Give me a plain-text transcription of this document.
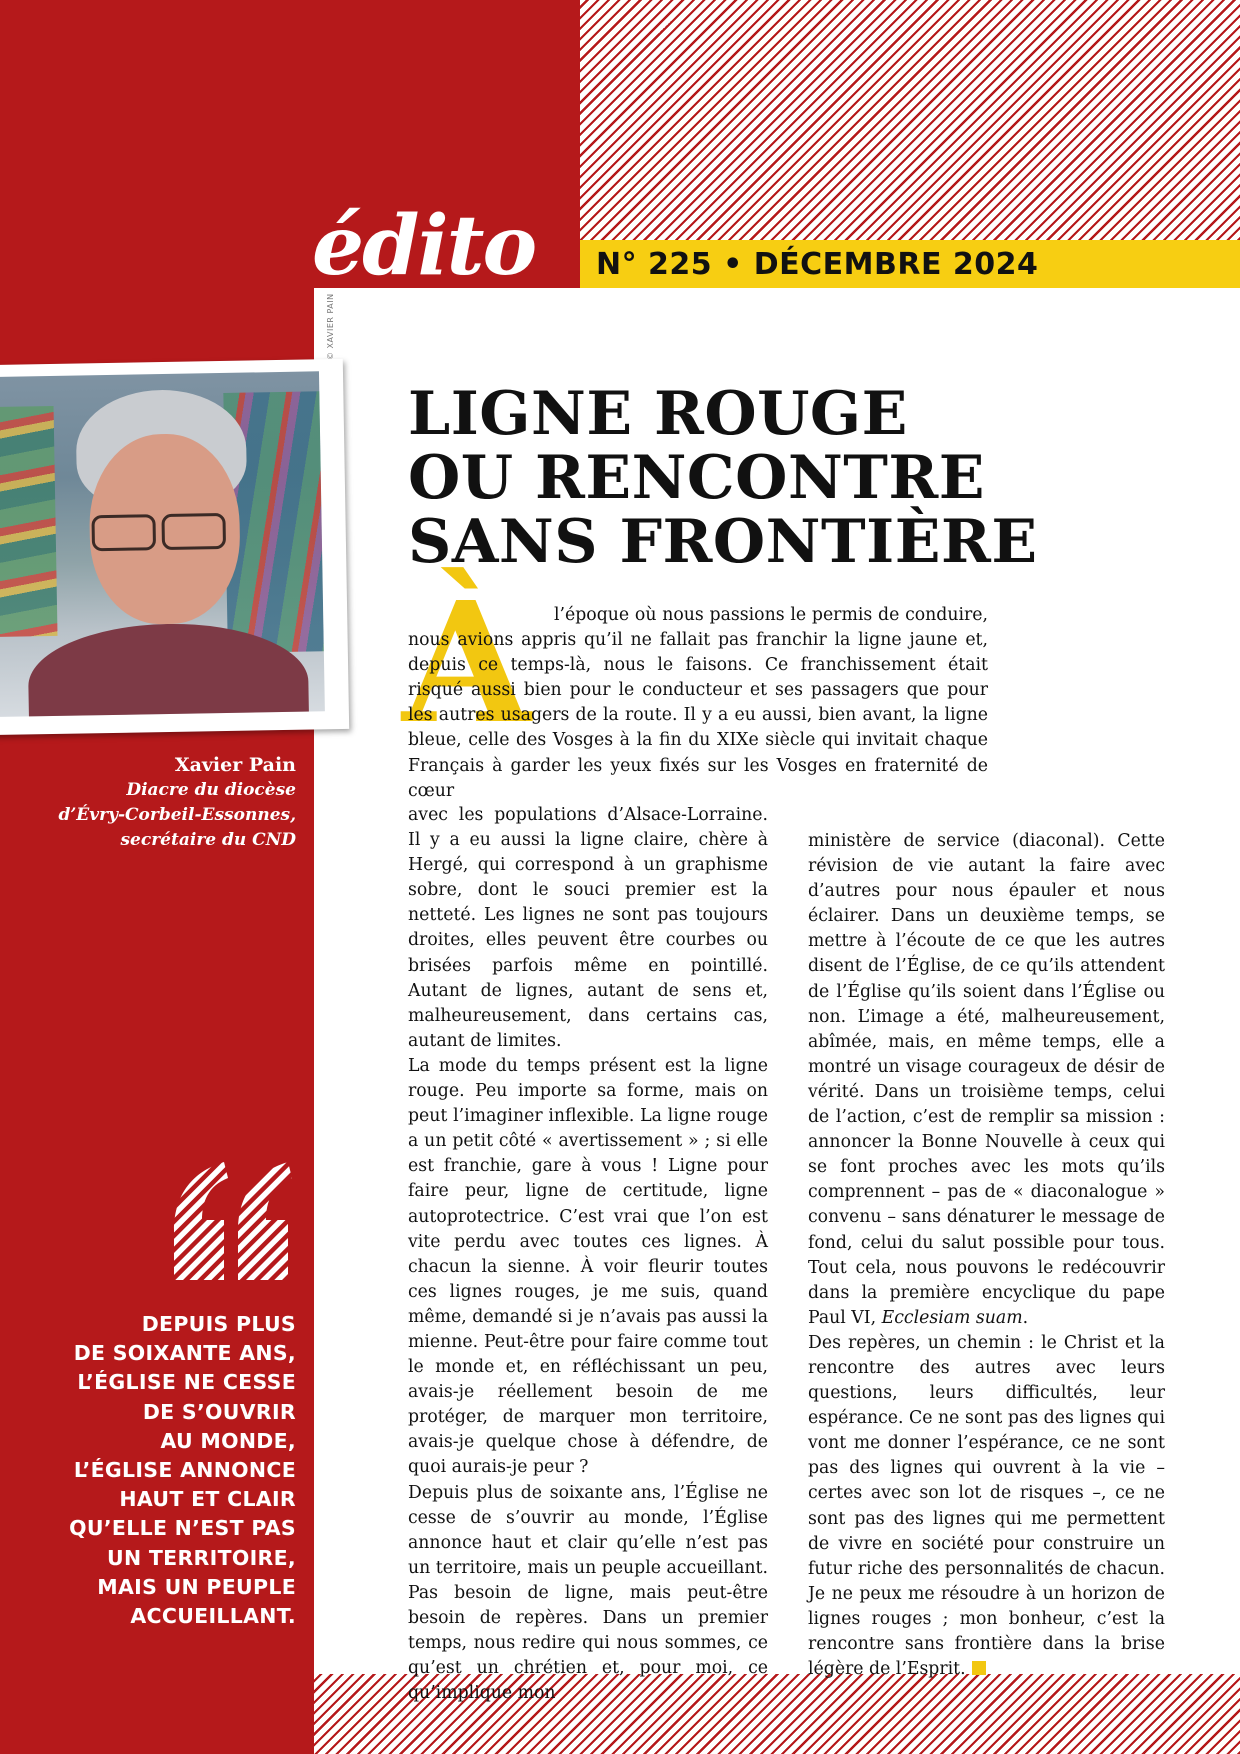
édito N° 225 • DÉCEMBRE 2024
© XAVIER PAIN
Xavier Pain
Diacre du diocèse
d’Évry-Corbeil-Essonnes,
secrétaire du CND
DEPUIS PLUS
DE SOIXANTE ANS,
L’ÉGLISE NE CESSE
DE S’OUVRIR
AU MONDE,
L’ÉGLISE ANNONCE
HAUT ET CLAIR
QU’ELLE N’EST PAS
UN TERRITOIRE,
MAIS UN PEUPLE
ACCUEILLANT.
LIGNE ROUGE
OU RENCONTRE
SANS FRONTIÈRE
À	l’époque où nous passions le permis de conduire, nous avions appris qu’il ne fallait pas franchir la ligne jaune et, depuis ce temps-là, nous le faisons. Ce franchissement était risqué aussi bien pour le conducteur et ses passagers que pour les autres usagers de la route. Il y a eu aussi, bien avant, la ligne bleue, celle des Vosges à la fin du XIXe siècle qui invitait chaque Français à garder les yeux fixés sur les Vosges en fraternité de cœur

avec les populations d’Alsace-Lorraine. Il y a eu aussi la ligne claire, chère à Hergé, qui correspond à un graphisme sobre, dont le souci premier est la netteté. Les lignes ne sont pas toujours droites, elles peuvent être courbes ou brisées parfois même en pointillé. Autant de lignes, autant de sens et, malheureusement, dans certains cas, autant de limites.

La mode du temps présent est la ligne rouge. Peu importe sa forme, mais on peut l’imaginer inflexible. La ligne rouge a un petit côté « avertissement » ; si elle est franchie, gare à vous ! Ligne pour faire peur, ligne de certitude, ligne autoprotectrice. C’est vrai que l’on est vite perdu avec toutes ces lignes. À chacun la sienne. À voir fleurir toutes ces lignes rouges, je me suis, quand même, demandé si je n’avais pas aussi la mienne. Peut-être pour faire comme tout le monde et, en réfléchissant un peu, avais-je réellement besoin de me protéger, de marquer mon territoire, avais-je quelque chose à défendre, de quoi aurais-je peur ?

Depuis plus de soixante ans, l’Église ne cesse de s’ouvrir au monde, l’Église annonce haut et clair qu’elle n’est pas un territoire, mais un peuple accueillant. Pas besoin de ligne, mais peut-être besoin de repères. Dans un premier temps, nous redire qui nous sommes, ce qu’est un chrétien et, pour moi, ce qu’implique mon

ministère de service (diaconal). Cette révision de vie autant la faire avec d’autres pour nous épauler et nous éclairer. Dans un deuxième temps, se mettre à l’écoute de ce que les autres disent de l’Église, de ce qu’ils attendent de l’Église qu’ils soient dans l’Église ou non. L’image a été, malheureusement, abîmée, mais, en même temps, elle a montré un visage courageux de désir de vérité. Dans un troisième temps, celui de l’action, c’est de remplir sa mission : annoncer la Bonne Nouvelle à ceux qui se font proches avec les mots qu’ils comprennent – pas de « diaconalogue » convenu – sans dénaturer le message de fond, celui du salut possible pour tous. Tout cela, nous pouvons le redécouvrir dans la première encyclique du pape Paul VI, Ecclesiam suam.

Des repères, un chemin : le Christ et la rencontre des autres avec leurs questions, leurs difficultés, leur espérance. Ce ne sont pas des lignes qui vont me donner l’espérance, ce ne sont pas des lignes qui ouvrent à la vie – certes avec son lot de risques –, ce ne sont pas des lignes qui me permettent de vivre en société pour construire un futur riche des personnalités de chacun. Je ne peux me résoudre à un horizon de lignes rouges ; mon bonheur, c’est la rencontre sans frontière dans la brise légère de l’Esprit.
